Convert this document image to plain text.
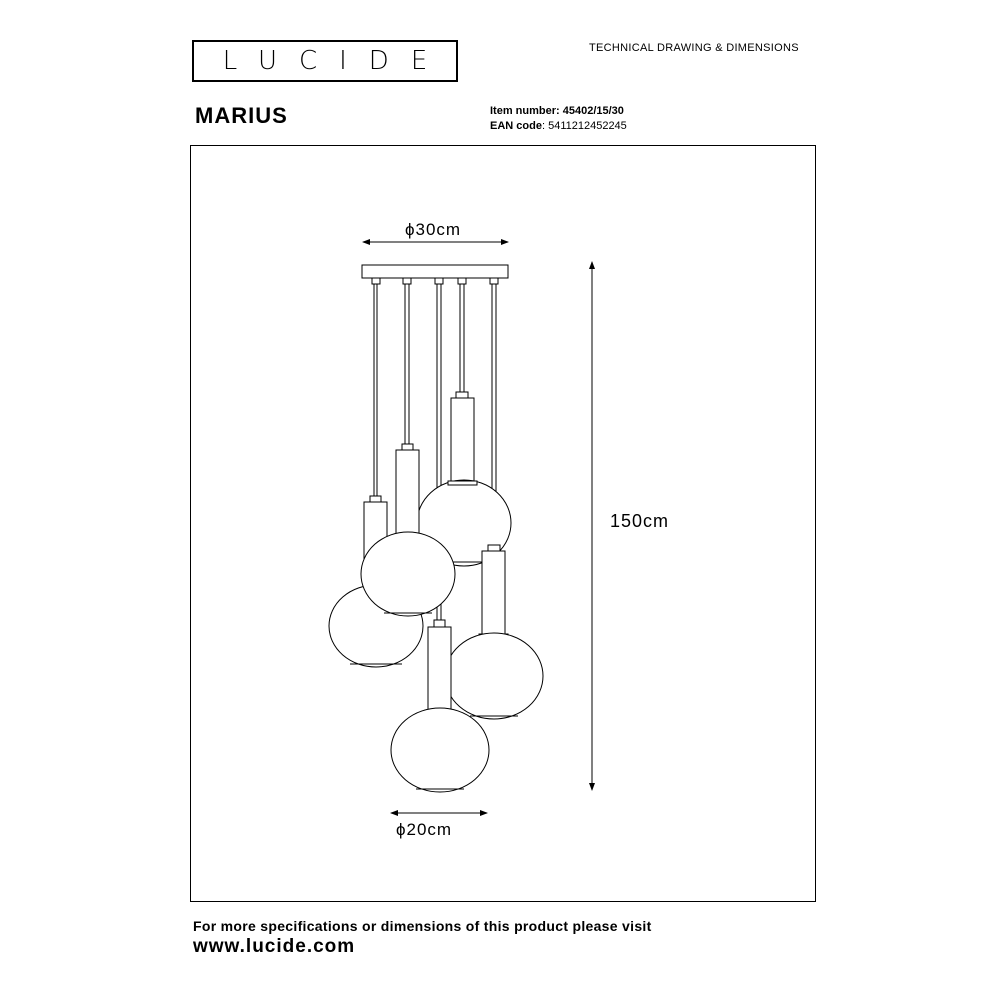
LUCIDE	TECHNICAL DRAWING & DIMENSIONS
MARIUS	Item number: 45402/15/30
EAN code: 5411212452245
ϕ30cm
150cm
ϕ20cm
For more specifications or dimensions of this product please visit
www.lucide.com
